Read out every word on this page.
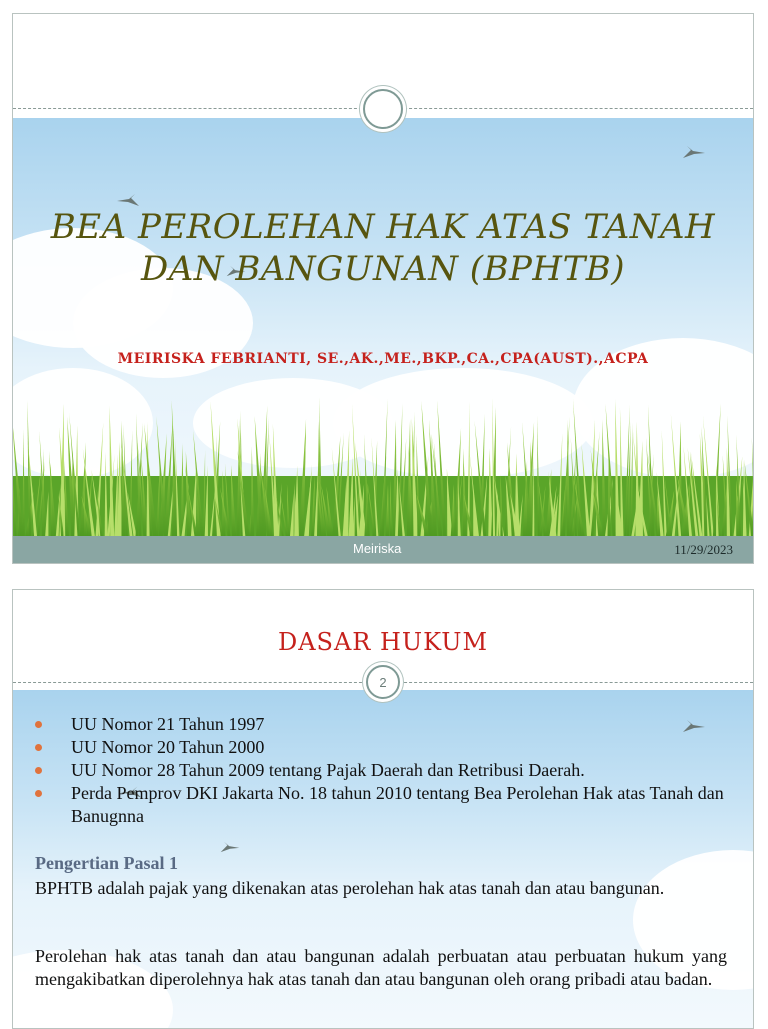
BEA PEROLEHAN HAK ATAS TANAH
DAN BANGUNAN (BPHTB)
MEIRISKA FEBRIANTI, SE.,AK.,ME.,BKP.,CA.,CPA(AUST).,ACPA
Meiriska	11/29/2023
DASAR HUKUM
2
UU Nomor 21 Tahun 1997
UU Nomor 20 Tahun 2000
UU Nomor 28 Tahun 2009 tentang Pajak Daerah dan Retribusi Daerah.
Perda Pemprov DKI Jakarta No. 18 tahun 2010 tentang Bea Perolehan Hak atas Tanah dan Banugnna
Pengertian Pasal 1

BPHTB adalah pajak yang dikenakan atas perolehan hak atas tanah dan atau bangunan.

Perolehan hak atas tanah dan atau bangunan adalah perbuatan atau perbuatan hukum yang mengakibatkan diperolehnya hak atas tanah dan atau bangunan oleh orang pribadi atau badan.
